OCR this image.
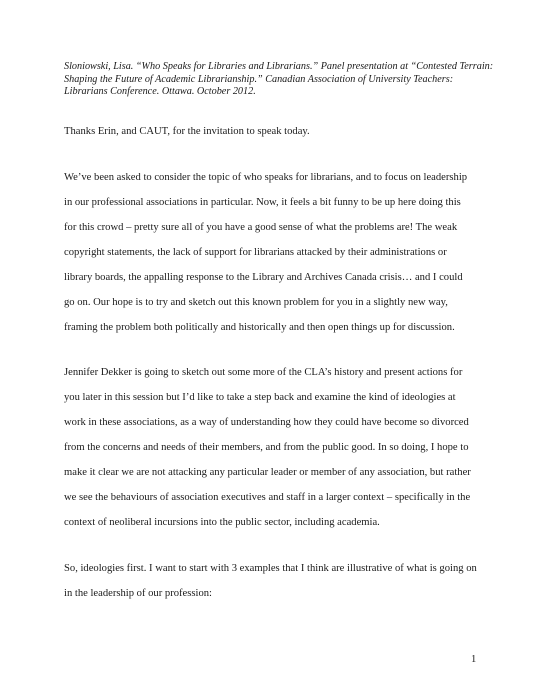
Sloniowski, Lisa. “Who Speaks for Libraries and Librarians.” Panel presentation at “Contested Terrain:
Shaping the Future of Academic Librarianship.” Canadian Association of University Teachers:
Librarians Conference. Ottawa. October 2012.
Thanks Erin, and CAUT, for the invitation to speak today.
We’ve been asked to consider the topic of who speaks for librarians, and to focus on leadership
in our professional associations in particular. Now, it feels a bit funny to be up here doing this
for this crowd – pretty sure all of you have a good sense of what the problems are! The weak
copyright statements, the lack of support for librarians attacked by their administrations or
library boards, the appalling response to the Library and Archives Canada crisis… and I could
go on. Our hope is to try and sketch out this known problem for you in a slightly new way,
framing the problem both politically and historically and then open things up for discussion.
Jennifer Dekker is going to sketch out some more of the CLA’s history and present actions for
you later in this session but I’d like to take a step back and examine the kind of ideologies at
work in these associations, as a way of understanding how they could have become so divorced
from the concerns and needs of their members, and from the public good. In so doing, I hope to
make it clear we are not attacking any particular leader or member of any association, but rather
we see the behaviours of association executives and staff in a larger context – specifically in the
context of neoliberal incursions into the public sector, including academia.
So, ideologies first. I want to start with 3 examples that I think are illustrative of what is going on
in the leadership of our profession:
1
